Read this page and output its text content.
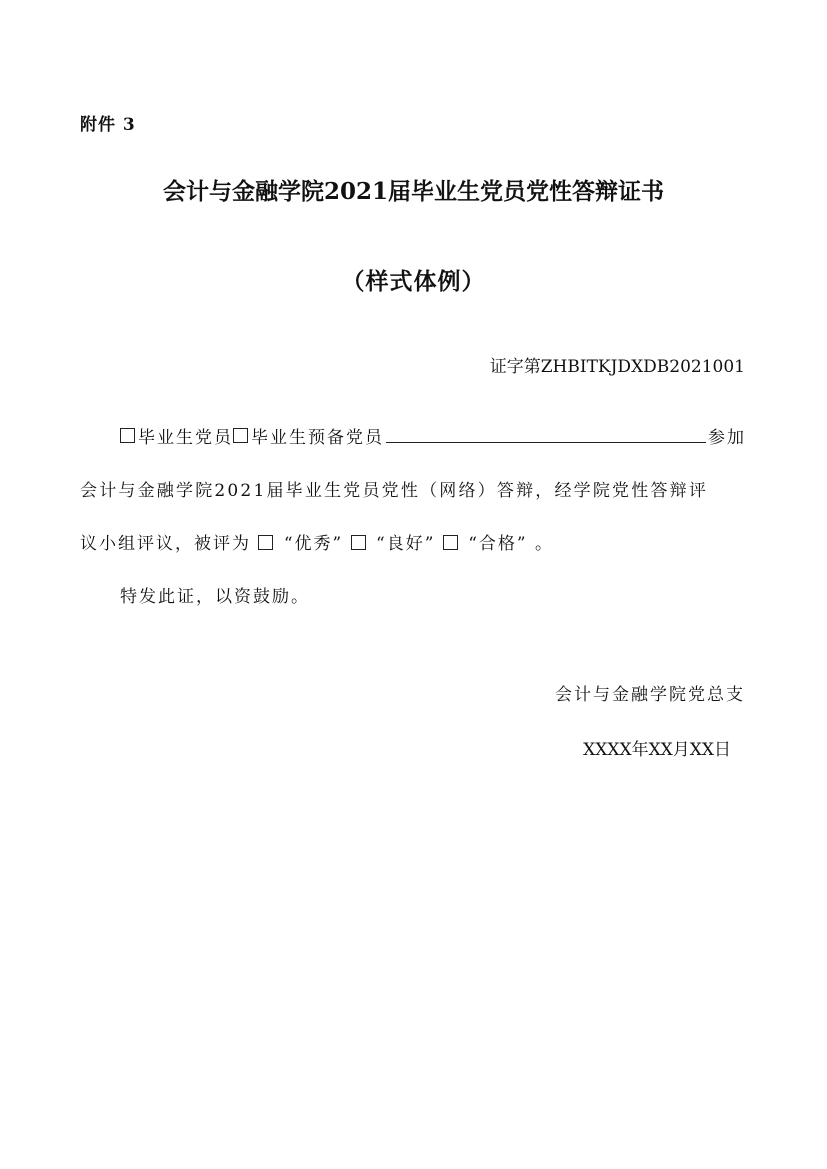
附件 3
会计与金融学院2021届毕业生党员党性答辩证书
（样式体例）
证字第ZHBITKJDXDB2021001
毕业生党员 毕业生预备党员	参加
会计与金融学院2021届毕业生党员党性（网络）答辩，经学院党性答辩评
议小组评议，被评为 “优秀” “良好” “合格” 。
特发此证，以资鼓励。
会计与金融学院党总支
XXXX年XX月XX日
